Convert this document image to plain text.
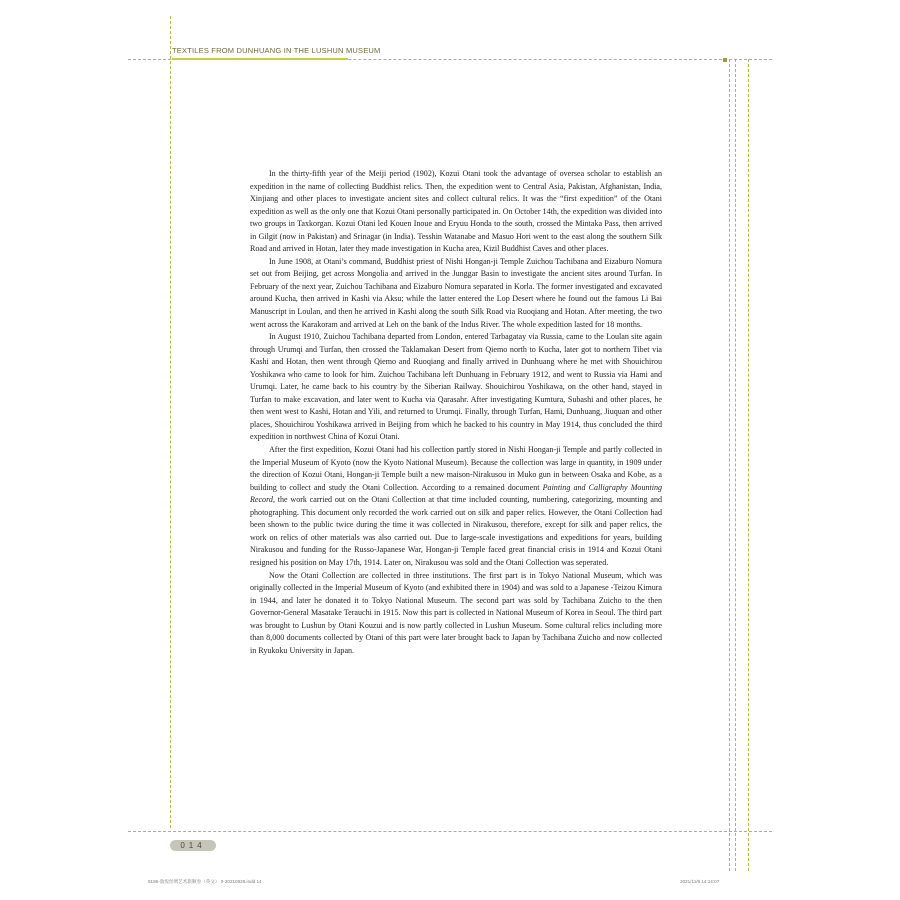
TEXTILES FROM DUNHUANG IN THE LUSHUN MUSEUM

In the thirty-fifth year of the Meiji period (1902), Kozui Otani took the advantage of oversea scholar to establish an expedition in the name of collecting Buddhist relics. Then, the expedition went to Central Asia, Pakistan, Afghanistan, India, Xinjiang and other places to investigate ancient sites and collect cultural relics. It was the “first expedition” of the Otani expedition as well as the only one that Kozui Otani personally participated in. On October 14th, the expedition was divided into two groups in Taxkorgan. Kozui Otani led Kouen Inoue and Eryuu Honda to the south, crossed the Mintaka Pass, then arrived in Gilgit (now in Pakistan) and Srinagar (in India). Tesshin Watanabe and Masuo Hori went to the east along the southern Silk Road and arrived in Hotan, later they made investigation in Kucha area, Kizil Buddhist Caves and other places.

In June 1908, at Otani’s command, Buddhist priest of Nishi Hongan-ji Temple Zuichou Tachibana and Eizaburo Nomura set out from Beijing, get across Mongolia and arrived in the Junggar Basin to investigate the ancient sites around Turfan. In February of the next year, Zuichou Tachibana and Eizaburo Nomura separated in Korla. The former investigated and excavated around Kucha, then arrived in Kashi via Aksu; while the latter entered the Lop Desert where he found out the famous Li Bai Manuscript in Loulan, and then he arrived in Kashi along the south Silk Road via Ruoqiang and Hotan. After meeting, the two went across the Karakoram and arrived at Leh on the bank of the Indus River. The whole expedition lasted for 18 months.

In August 1910, Zuichou Tachibana departed from London, entered Tarbagatay via Russia, came to the Loulan site again through Urumqi and Turfan, then crossed the Taklamakan Desert from Qiemo north to Kucha, later got to northern Tibet via Kashi and Hotan, then went through Qiemo and Ruoqiang and finally arrived in Dunhuang where he met with Shouichirou Yoshikawa who came to look for him. Zuichou Tachibana left Dunhuang in February 1912, and went to Russia via Hami and Urumqi. Later, he came back to his country by the Siberian Railway. Shouichirou Yoshikawa, on the other hand, stayed in Turfan to make excavation, and later went to Kucha via Qarasahr. After investigating Kumtura, Subashi and other places, he then went west to Kashi, Hotan and Yili, and returned to Urumqi. Finally, through Turfan, Hami, Dunhuang, Jiuquan and other places, Shouichirou Yoshikawa arrived in Beijing from which he backed to his country in May 1914, thus concluded the third expedition in northwest China of Kozui Otani.

After the first expedition, Kozui Otani had his collection partly stored in Nishi Hongan-ji Temple and partly collected in the Imperial Museum of Kyoto (now the Kyoto National Museum). Because the collection was large in quantity, in 1909 under the direction of Kozui Otani, Hongan-ji Temple built a new maison-Nirakusou in Muko gun in between Osaka and Kobe, as a building to collect and study the Otani Collection. According to a remained document Painting and Calligraphy Mounting Record, the work carried out on the Otani Collection at that time included counting, numbering, categorizing, mounting and photographing. This document only recorded the work carried out on silk and paper relics. However, the Otani Collection had been shown to the public twice during the time it was collected in Nirakusou, therefore, except for silk and paper relics, the work on relics of other materials was also carried out. Due to large-scale investigations and expeditions for years, building Nirakusou and funding for the Russo-Japanese War, Hongan-ji Temple faced great financial crisis in 1914 and Kozui Otani resigned his position on May 17th, 1914. Later on, Nirakusou was sold and the Otani Collection was seperated.

Now the Otani Collection are collected in three institutions. The first part is in Tokyo National Museum, which was originally collected in the Imperial Museum of Kyoto (and exhibited there in 1904) and was sold to a Japanese -Teizou Kimura in 1944, and later he donated it to Tokyo National Museum. The second part was sold by Tachibana Zuicho to the then Governor-General Masatake Terauchi in 1915. Now this part is collected in National Museum of Korea in Seoul. The third part was brought to Lushun by Otani Kouzui and is now partly collected in Lushun Museum. Some cultural relics including more than 8,000 documents collected by Otani of this part were later brought back to Japan by Tachibana Zuicho and now collected in Ryukoku University in Japan.

014
9196-敦煌丝绸艺术旅顺卷（英文） 0-20210926.indd 14	2021/11/9 14:14:07
